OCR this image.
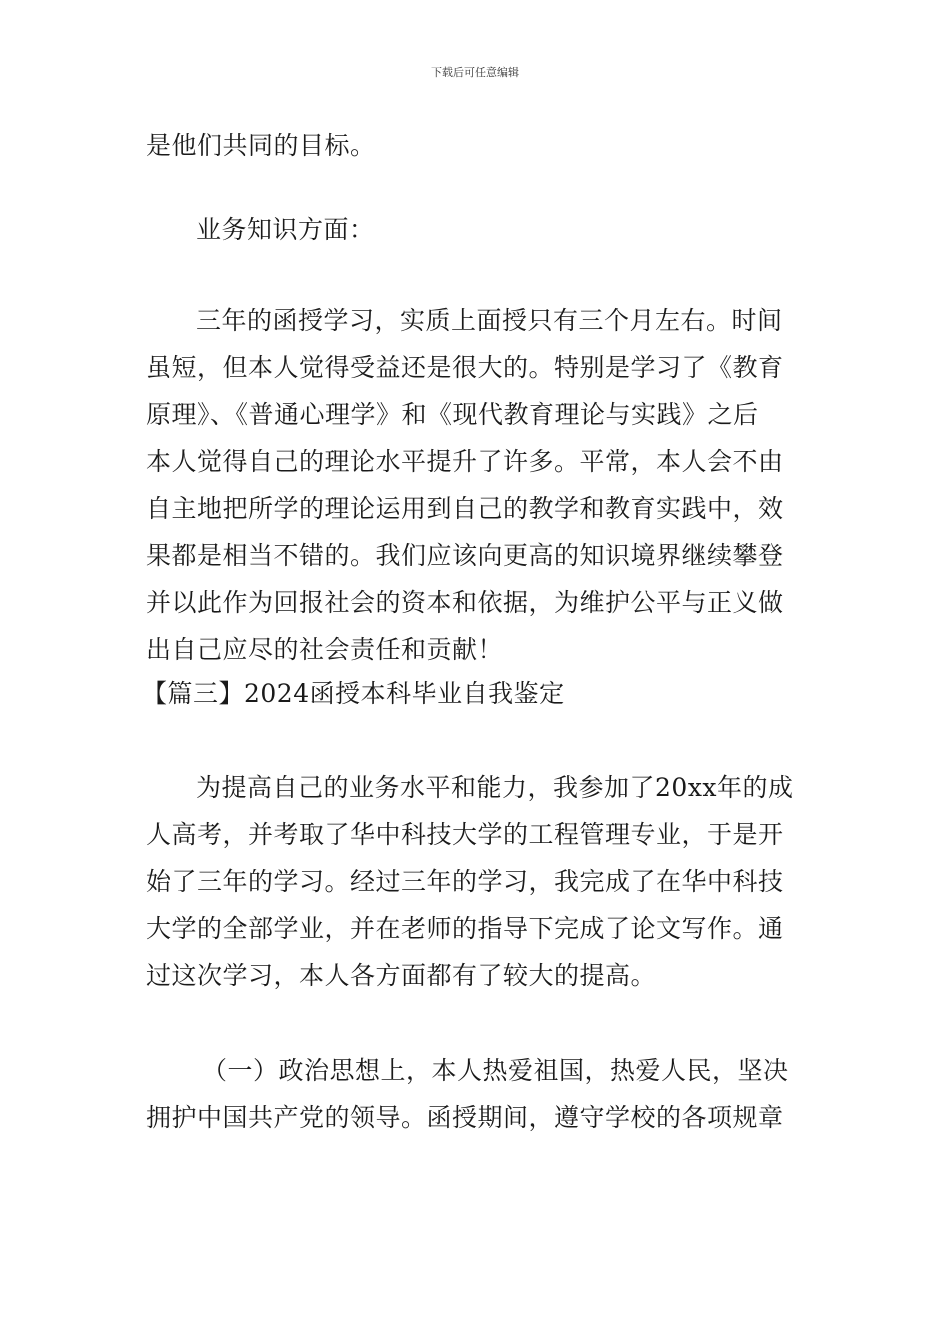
下载后可任意编辑
是他们共同的目标。
业务知识方面：
三年的函授学习，实质上面授只有三个月左右。时间
虽短，但本人觉得受益还是很大的。特别是学习了《教育
原理》、《普通心理学》和《现代教育理论与实践》之后
本人觉得自己的理论水平提升了许多。平常，本人会不由
自主地把所学的理论运用到自己的教学和教育实践中，效
果都是相当不错的。我们应该向更高的知识境界继续攀登
并以此作为回报社会的资本和依据，为维护公平与正义做
出自己应尽的社会责任和贡献！
【篇三】2024函授本科毕业自我鉴定
为提高自己的业务水平和能力，我参加了20xx年的成
人高考，并考取了华中科技大学的工程管理专业，于是开
始了三年的学习。经过三年的学习，我完成了在华中科技
大学的全部学业，并在老师的指导下完成了论文写作。通
过这次学习，本人各方面都有了较大的提高。
（一）政治思想上，本人热爱祖国，热爱人民，坚决
拥护中国共产党的领导。函授期间，遵守学校的各项规章
